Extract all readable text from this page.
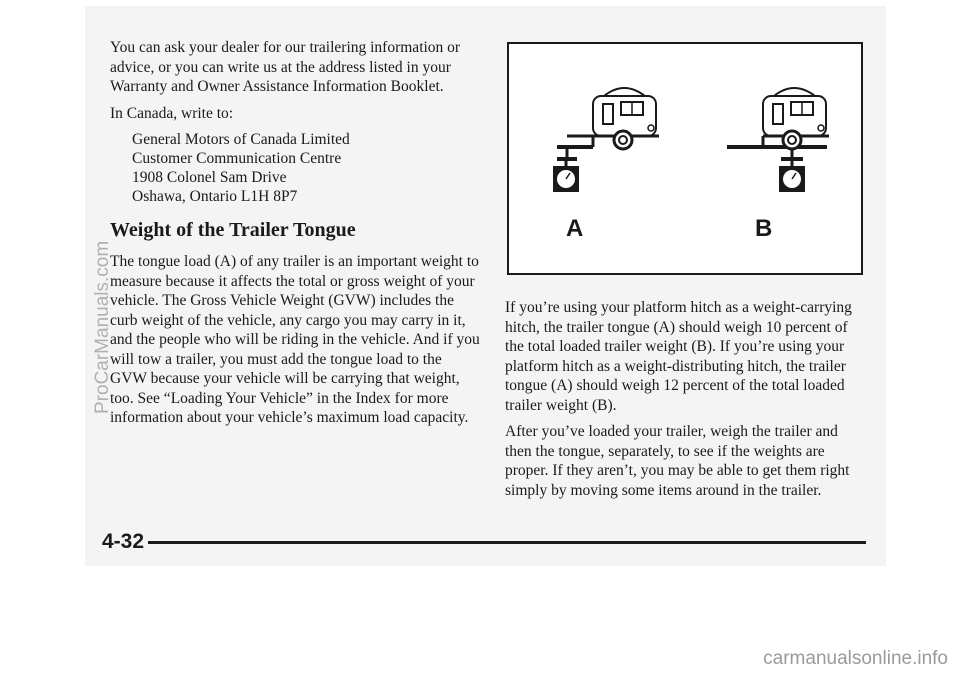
You can ask your dealer for our trailering information or advice, or you can write us at the address listed in your Warranty and Owner Assistance Information Booklet.

In Canada, write to:

General Motors of Canada Limited
Customer Communication Centre
1908 Colonel Sam Drive
Oshawa, Ontario L1H 8P7
Weight of the Trailer Tongue

The tongue load (A) of any trailer is an important weight to measure because it affects the total or gross weight of your vehicle. The Gross Vehicle Weight (GVW) includes the curb weight of the vehicle, any cargo you may carry in it, and the people who will be riding in the vehicle. And if you will tow a trailer, you must add the tongue load to the GVW because your vehicle will be carrying that weight, too. See “Loading Your Vehicle” in the Index for more information about your vehicle’s maximum load capacity.

A	B

If you’re using your platform hitch as a weight-carrying hitch, the trailer tongue (A) should weigh 10 percent of the total loaded trailer weight (B). If you’re using your platform hitch as a weight-distributing hitch, the trailer tongue (A) should weigh 12 percent of the total loaded trailer weight (B).

After you’ve loaded your trailer, weigh the trailer and then the tongue, separately, to see if the weights are proper. If they aren’t, you may be able to get them right simply by moving some items around in the trailer.

4-32
ProCarManuals.com
carmanualsonline.info
